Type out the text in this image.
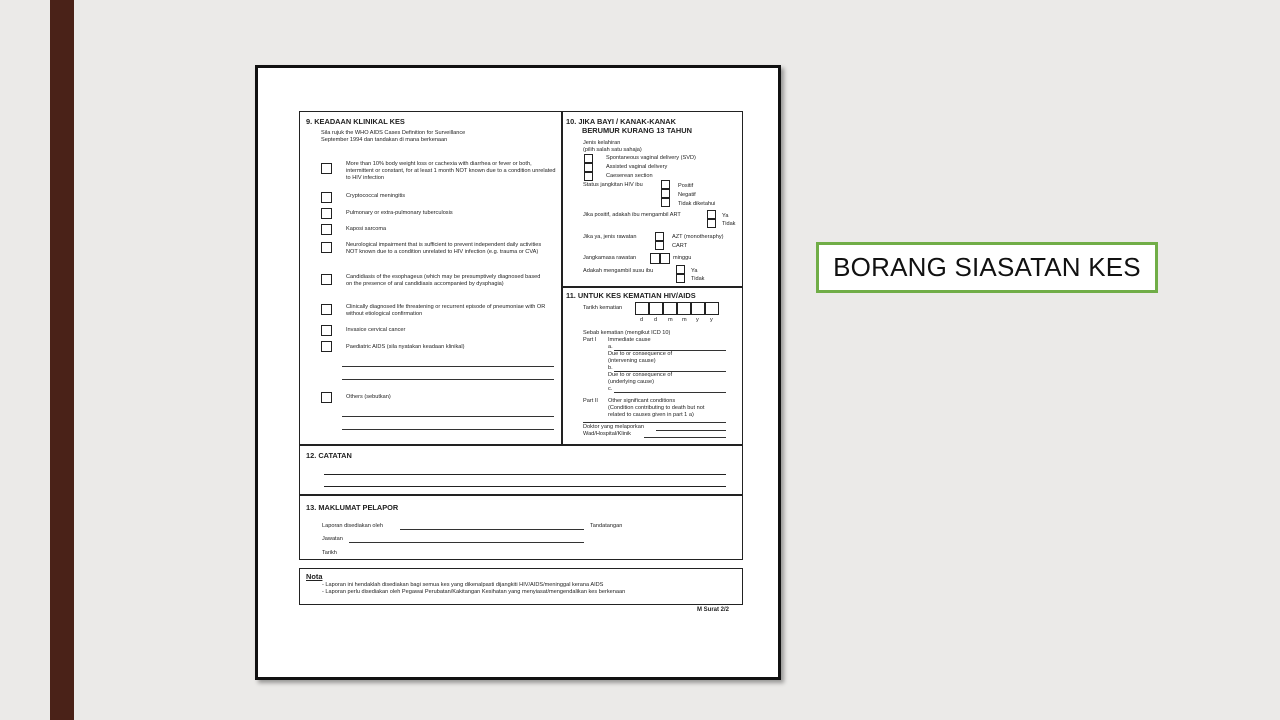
9. KEADAAN KLINIKAL KES
Sila rujuk the WHO AIDS Cases Definition for Surveillance
September 1994 dan tandakan di mana berkenaan
More than 10% body weight loss or cachexia with diarrhea or fever or both, intermittent or constant, for at least 1 month NOT known due to a condition unrelated to HIV infection
Cryptococcal meningitis
Pulmonary or extra-pulmonary tuberculosis
Kaposi sarcoma
Neurological impairment that is sufficient to prevent independent daily activities NOT known due to a condition unrelated to HIV infection (e.g. trauma or CVA)
Candidiasis of the esophageus (which may be presumptively diagnosed based on the presence of aral candidiasis accompanied by dysphagia)
Clinically diagnosed life threatening or recurrent episode of pneumoniae with OR without etiological confirmation
Invasice cervical cancer
Paediatric AIDS (sila nyatakan keadaan klinikal)
Others (sebutkan)
10. JIKA BAYI / KANAK-KANAK
BERUMUR KURANG 13 TAHUN
Jenis kelahiran
(pilih salah satu sahaja)
Spontaneous vaginal delivery (SVD)
Assisted vaginal delivery
Caeserean section
Status jangkitan HIV ibu	Positif
Negatif
Tidak diketahui
Jika positif, adakah ibu mengambil ART	Ya
Tidak
Jika ya, jenis rawatan	AZT (monotheraphy)
CART
Jangkamasa rawatan	minggu
Adakah mengambil susu ibu	Ya
Tidak
11. UNTUK KES KEMATIAN HIV/AIDS
Tarikh kematian
d d m m y y
Sebab kematian (mengikut ICD 10)
Part I Immediate cause
a.
Due to or consequence of
(intervening cause)
b.
Due to or consequence of
(underlying cause)
c.
Part II Other significant conditions
(Condition contributing to death but not
related to causes given in part 1 a)
Doktor yang melaporkan
Wad/Hospital/Klinik
12. CATATAN
13. MAKLUMAT PELAPOR
Laporan disediakan oleh	Tandatangan
Jawatan
Tarikh
Nota
- Laporan ini hendaklah disediakan bagi semua kes yang dikenalpasti dijangkiti HIV/AIDS/meninggal kerana AIDS
- Laporan perlu disediakan oleh Pegawai Perubatan/Kakitangan Kesihatan yang menyiasat/mengendalikan kes berkenaan
M Surat 2/2
BORANG SIASATAN KES
